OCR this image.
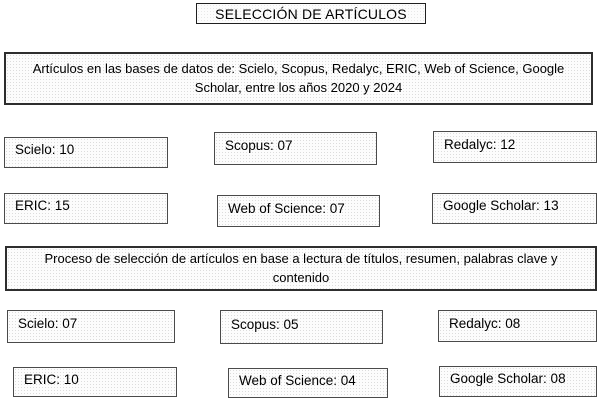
SELECCIÓN DE ARTÍCULOS
Artículos en las bases de datos de: Scielo, Scopus, Redalyc, ERIC, Web of Science, Google Scholar, entre los años 2020 y 2024
Scielo: 10	Scopus: 07	Redalyc: 12
ERIC: 15	Web of Science: 07	Google Scholar: 13
Proceso de selección de artículos en base a lectura de títulos, resumen, palabras clave y contenido
Scielo: 07	Scopus: 05	Redalyc: 08
ERIC: 10	Web of Science: 04	Google Scholar: 08
